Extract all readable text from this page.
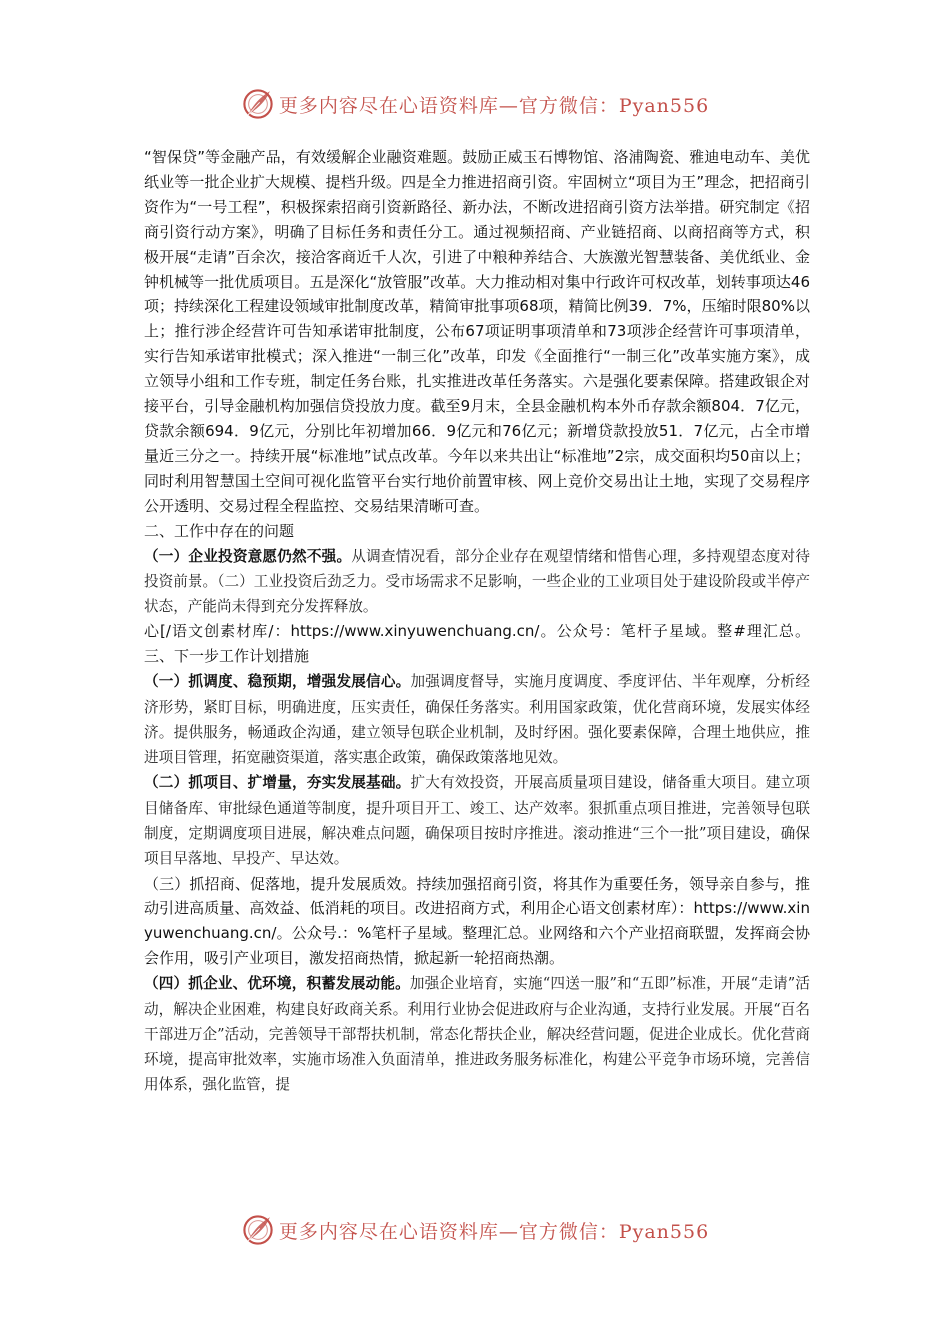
更多内容尽在心语资料库—官方微信：Pyan556

“智保贷”等金融产品，有效缓解企业融资难题。鼓励正威玉石博物馆、洛浦陶瓷、雅迪电动车、美优纸业等一批企业扩大规模、提档升级。四是全力推进招商引资。牢固树立“项目为王”理念，把招商引资作为“一号工程”，积极探索招商引资新路径、新办法，不断改进招商引资方法举措。研究制定《招商引资行动方案》，明确了目标任务和责任分工。通过视频招商、产业链招商、以商招商等方式，积极开展“走请”百余次，接洽客商近千人次，引进了中粮种养结合、大族激光智慧装备、美优纸业、金钟机械等一批优质项目。五是深化“放管服”改革。大力推动相对集中行政许可权改革，划转事项达46项；持续深化工程建设领域审批制度改革，精简审批事项68项，精简比例39．7%，压缩时限80%以上；推行涉企经营许可告知承诺审批制度，公布67项证明事项清单和73项涉企经营许可事项清单，实行告知承诺审批模式；深入推进“一制三化”改革，印发《全面推行“一制三化”改革实施方案》，成立领导小组和工作专班，制定任务台账，扎实推进改革任务落实。六是强化要素保障。搭建政银企对接平台，引导金融机构加强信贷投放力度。截至9月末，全县金融机构本外币存款余额804．7亿元，贷款余额694．9亿元，分别比年初增加66．9亿元和76亿元；新增贷款投放51．7亿元，占全市增量近三分之一。持续开展“标准地”试点改革。今年以来共出让“标准地”2宗，成交面积均50亩以上；同时利用智慧国土空间可视化监管平台实行地价前置审核、网上竞价交易出让土地，实现了交易程序公开透明、交易过程全程监控、交易结果清晰可查。

二、工作中存在的问题

（一）企业投资意愿仍然不强。从调查情况看，部分企业存在观望情绪和惜售心理，多持观望态度对待投资前景。（二）工业投资后劲乏力。受市场需求不足影响，一些企业的工业项目处于建设阶段或半停产状态，产能尚未得到充分发挥释放。

心[/语文创素材库/：https://www.xinyuwenchuang.cn/。公众号：笔杆子星域。整#理汇总。三、下一步工作计划措施

（一）抓调度、稳预期，增强发展信心。加强调度督导，实施月度调度、季度评估、半年观摩，分析经济形势，紧盯目标，明确进度，压实责任，确保任务落实。利用国家政策，优化营商环境，发展实体经济。提供服务，畅通政企沟通，建立领导包联企业机制，及时纾困。强化要素保障，合理土地供应，推进项目管理，拓宽融资渠道，落实惠企政策，确保政策落地见效。

（二）抓项目、扩增量，夯实发展基础。扩大有效投资，开展高质量项目建设，储备重大项目。建立项目储备库、审批绿色通道等制度，提升项目开工、竣工、达产效率。狠抓重点项目推进，完善领导包联制度，定期调度项目进展，解决难点问题，确保项目按时序推进。滚动推进“三个一批”项目建设，确保项目早落地、早投产、早达效。

（三）抓招商、促落地，提升发展质效。持续加强招商引资，将其作为重要任务，领导亲自参与，推动引进高质量、高效益、低消耗的项目。改进招商方式，利用企心语文创素材库）：https://www.xinyuwenchuang.cn/。公众号.：%笔杆子星域。整理汇总。业网络和六个产业招商联盟，发挥商会协会作用，吸引产业项目，激发招商热情，掀起新一轮招商热潮。

（四）抓企业、优环境，积蓄发展动能。加强企业培育，实施“四送一服”和“五即”标准，开展“走请”活动，解决企业困难，构建良好政商关系。利用行业协会促进政府与企业沟通，支持行业发展。开展“百名干部进万企”活动，完善领导干部帮扶机制，常态化帮扶企业，解决经营问题，促进企业成长。优化营商环境，提高审批效率，实施市场准入负面清单，推进政务服务标准化，构建公平竞争市场环境，完善信用体系，强化监管，提

更多内容尽在心语资料库—官方微信：Pyan556
